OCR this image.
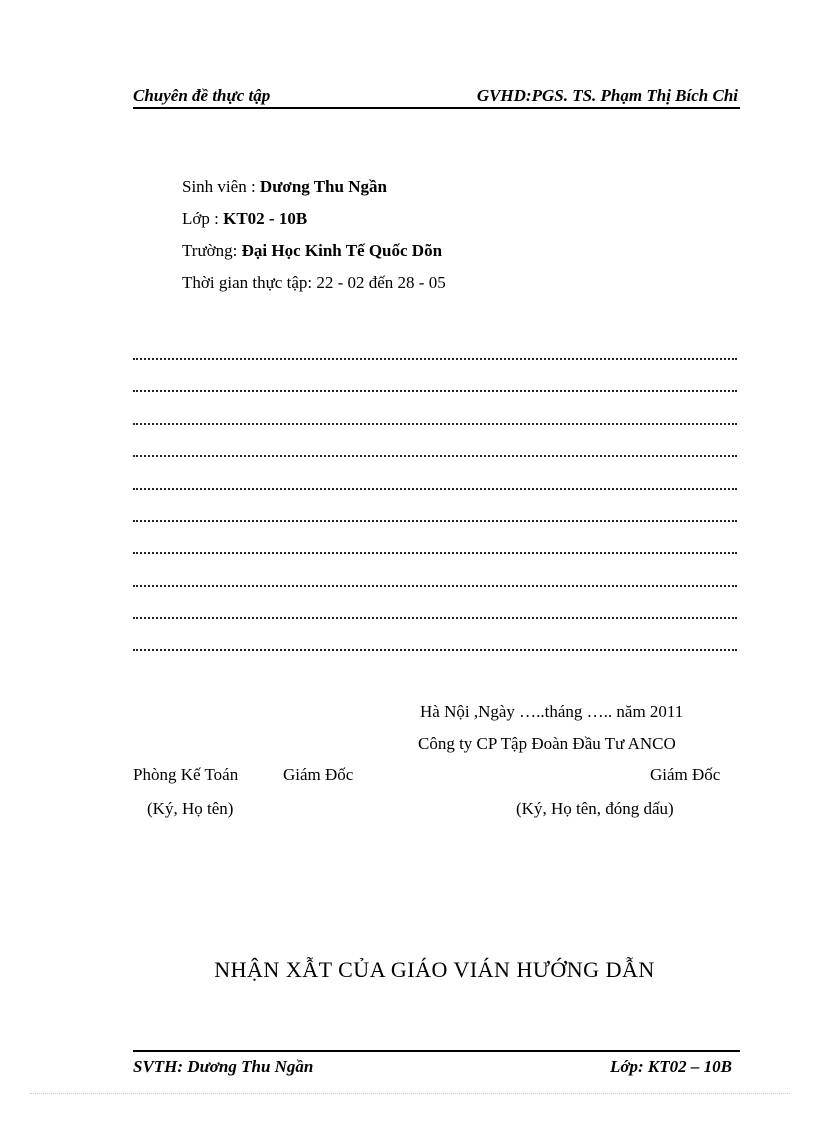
Chuyên đề thực tập	GVHD:PGS. TS. Phạm Thị Bích Chi
Sinh viên : Dương Thu Ngần
Lớp : KT02 - 10B
Trường: Đại Học Kinh Tế Quốc Dõn
Thời gian thực tập: 22 - 02 đến 28 - 05
Hà Nội ,Ngày …..tháng ….. năm 2011
Công ty CP Tập Đoàn Đầu Tư ANCO
Phòng Kế Toán	Giám Đốc	Giám Đốc
(Ký, Họ tên)	(Ký, Họ tên, đóng dấu)
NHẬN XẪT CỦA GIÁO VIÁN HƯỚNG DẪN
SVTH: Dương Thu Ngần	Lớp: KT02 – 10B
